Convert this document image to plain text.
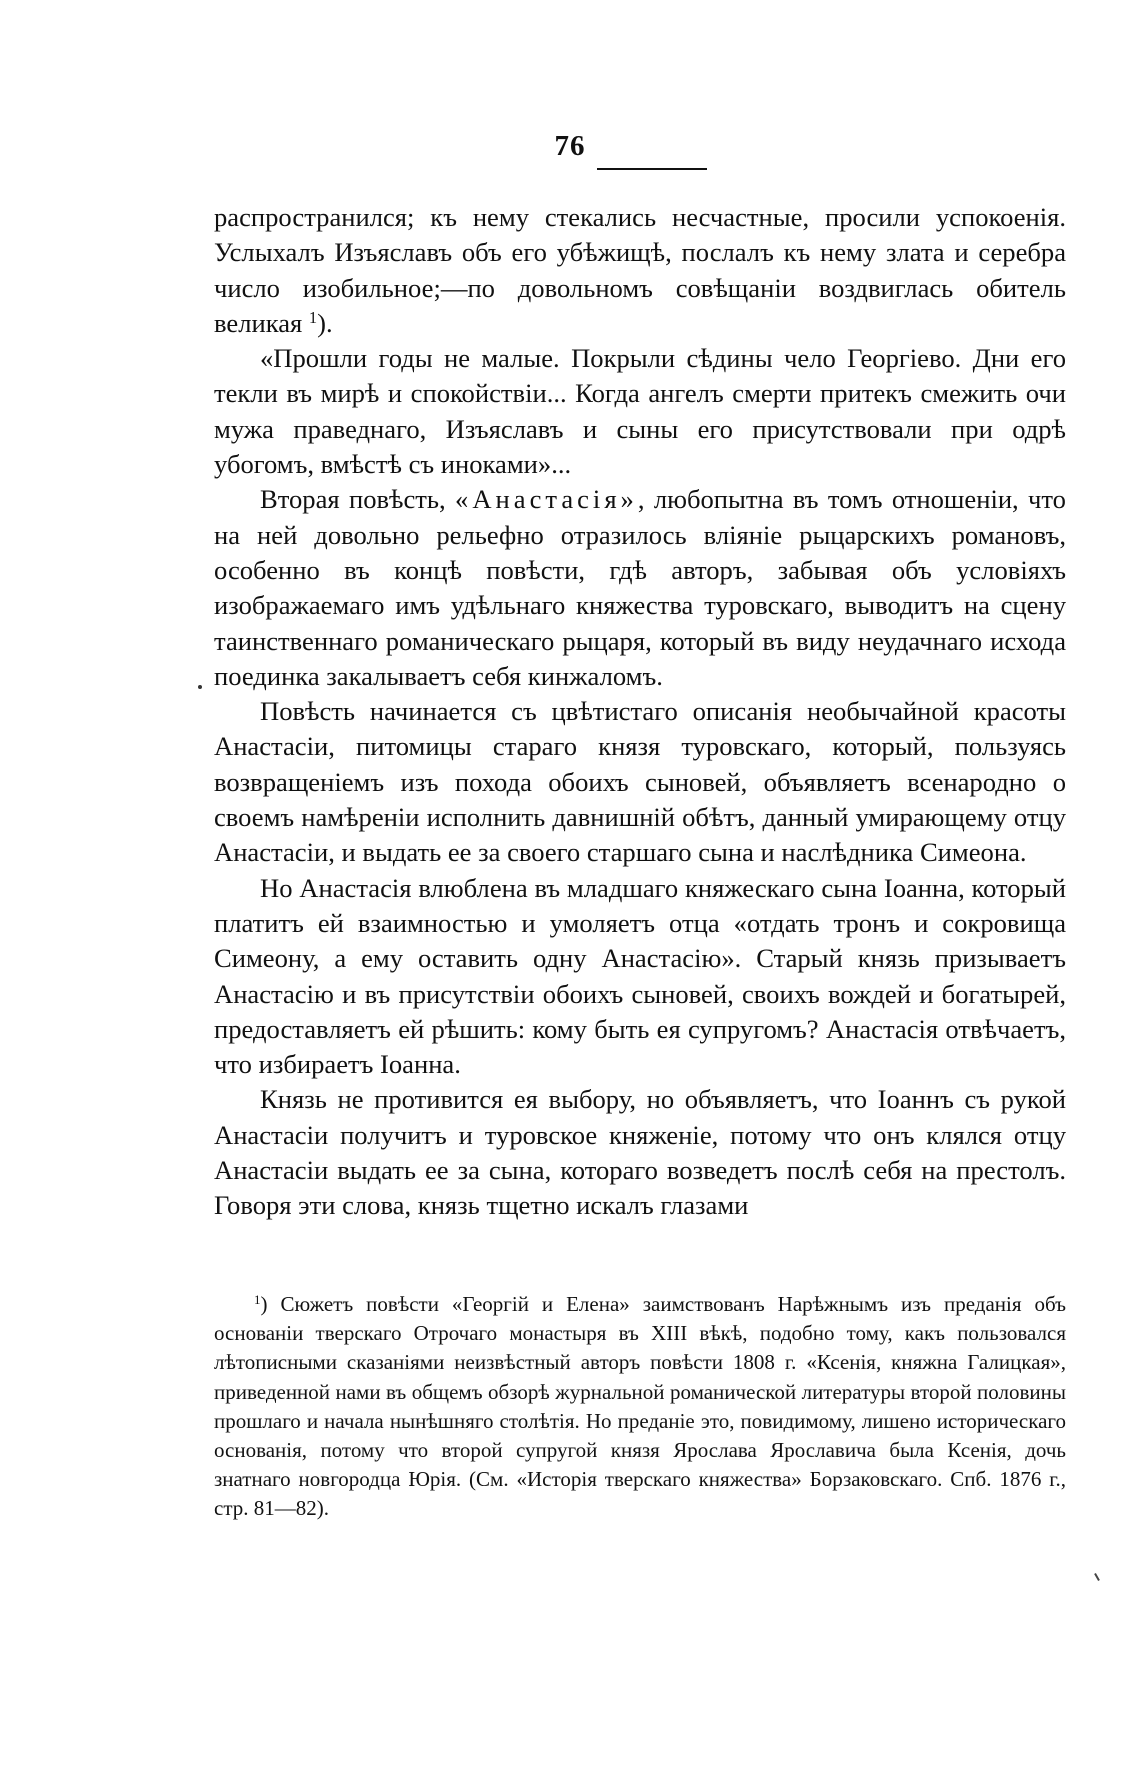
76

распространился; къ нему стекались несчастные, просили успокоенія. Услыхалъ Изъяславъ объ его убѣжищѣ, послалъ къ нему злата и серебра число изобильное;—по довольномъ совѣщаніи воздвиглась обитель великая $^1$).

«Прошли годы не малые. Покрыли сѣдины чело Георгіево. Дни его текли въ мирѣ и спокойствіи... Когда ангелъ смерти притекъ смежить очи мужа праведнаго, Изъяславъ и сыны его присутствовали при одрѣ убогомъ, вмѣстѣ съ иноками»...

Вторая повѣсть, «Анастасія», любопытна въ томъ отношеніи, что на ней довольно рельефно отразилось вліяніе рыцарскихъ романовъ, особенно въ концѣ повѣсти, гдѣ авторъ, забывая объ условіяхъ изображаемаго имъ удѣльнаго княжества туровскаго, выводитъ на сцену таинственнаго романическаго рыцаря, который въ виду неудачнаго исхода поединка закалываетъ себя кинжаломъ.

Повѣсть начинается съ цвѣтистаго описанія необычайной красоты Анастасіи, питомицы стараго князя туровскаго, который, пользуясь возвращеніемъ изъ похода обоихъ сыновей, объявляетъ всенародно о своемъ намѣреніи исполнить давнишній обѣтъ, данный умирающему отцу Анастасіи, и выдать ее за своего старшаго сына и наслѣдника Симеона.

Но Анастасія влюблена въ младшаго княжескаго сына Іоанна, который платитъ ей взаимностью и умоляетъ отца «отдать тронъ и сокровища Симеону, а ему оставить одну Анастасію». Старый князь призываетъ Анастасію и въ присутствіи обоихъ сыновей, своихъ вождей и богатырей, предоставляетъ ей рѣшить: кому быть ея супругомъ? Анастасія отвѣчаетъ, что избираетъ Іоанна.

Князь не противится ея выбору, но объявляетъ, что Іоаннъ съ рукой Анастасіи получитъ и туровское княженіе, потому что онъ клялся отцу Анастасіи выдать ее за сына, котораго возведетъ послѣ себя на престолъ. Говоря эти слова, князь тщетно искалъ глазами

$^1$) Сюжетъ повѣсти «Георгій и Елена» заимствованъ Нарѣжнымъ изъ преданія объ основаніи тверскаго Отрочаго монастыря въ XIII вѣкѣ, подобно тому, какъ пользовался лѣтописными сказаніями неизвѣстный авторъ повѣсти 1808 г. «Ксенія, княжна Галицкая», приведенной нами въ общемъ обзорѣ журнальной романической литературы второй половины прошлаго и начала нынѣшняго столѣтія. Но преданіе это, повидимому, лишено историческаго основанія, потому что второй супругой князя Ярослава Ярославича была Ксенія, дочь знатнаго новгородца Юрія. (См. «Исторія тверскаго княжества» Борзаковскаго. Спб. 1876 г., стр. 81—82).
